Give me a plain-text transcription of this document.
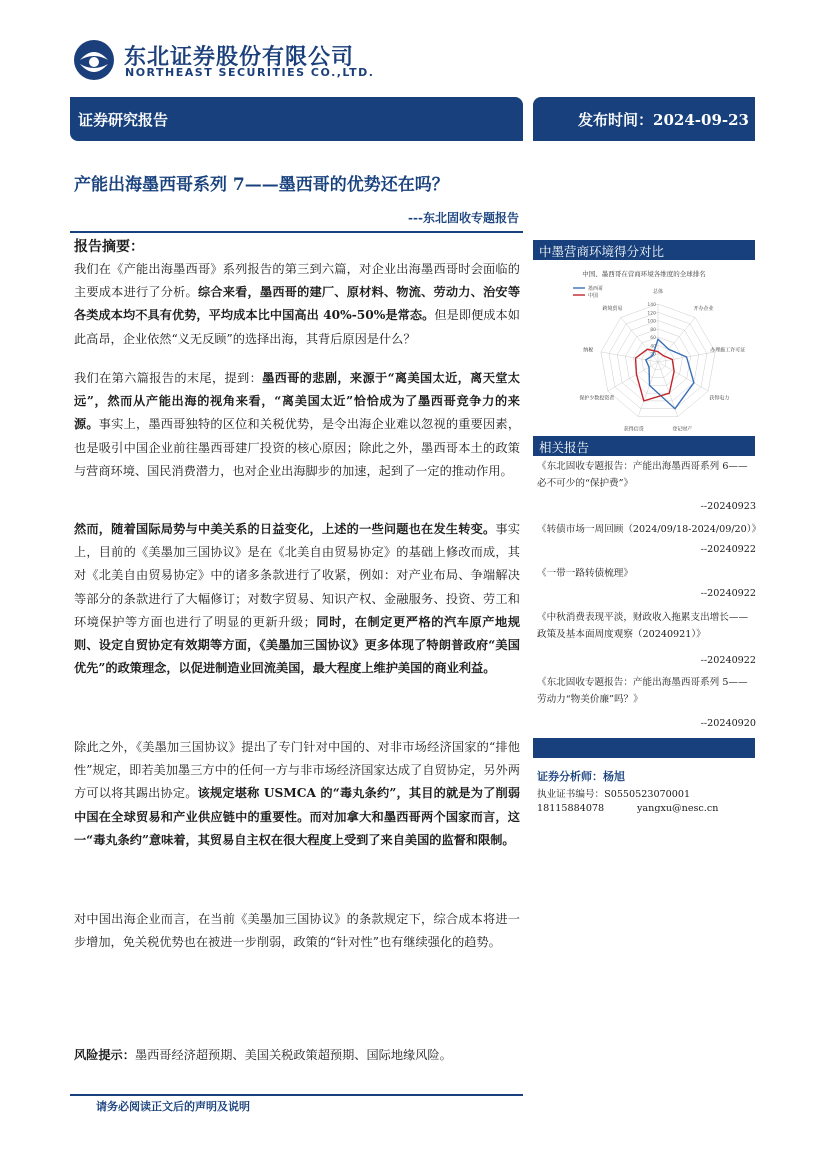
东北证券股份有限公司
NORTHEAST SECURITIES CO.,LTD.
证券研究报告	发布时间：2024-09-23
产能出海墨西哥系列 7——墨西哥的优势还在吗？
---东北固收专题报告
报告摘要：
我们在《产能出海墨西哥》系列报告的第三到六篇，对企业出海墨西哥时会面临的主要成本进行了分析。综合来看，墨西哥的建厂、原材料、物流、劳动力、治安等各类成本均不具有优势，平均成本比中国高出 40%-50%是常态。但是即便成本如此高昂，企业依然“义无反顾”的选择出海，其背后原因是什么？
我们在第六篇报告的末尾，提到：墨西哥的悲剧，来源于“离美国太近，离天堂太远”，然而从产能出海的视角来看，“离美国太近”恰恰成为了墨西哥竞争力的来源。事实上，墨西哥独特的区位和关税优势，是令出海企业难以忽视的重要因素，也是吸引中国企业前往墨西哥建厂投资的核心原因；除此之外，墨西哥本土的政策与营商环境、国民消费潜力，也对企业出海脚步的加速，起到了一定的推动作用。
然而，随着国际局势与中美关系的日益变化，上述的一些问题也在发生转变。事实上，目前的《美墨加三国协议》是在《北美自由贸易协定》的基础上修改而成，其对《北美自由贸易协定》中的诸多条款进行了收紧，例如：对产业布局、争端解决等部分的条款进行了大幅修订；对数字贸易、知识产权、金融服务、投资、劳工和环境保护等方面也进行了明显的更新升级；同时，在制定更严格的汽车原产地规则、设定自贸协定有效期等方面，《美墨加三国协议》更多体现了特朗普政府“美国优先”的政策理念，以促进制造业回流美国，最大程度上维护美国的商业利益。
除此之外，《美墨加三国协议》提出了专门针对中国的、对非市场经济国家的“排他性”规定，即若美加墨三方中的任何一方与非市场经济国家达成了自贸协定，另外两方可以将其踢出协定。该规定堪称 USMCA 的“毒丸条约”，其目的就是为了削弱中国在全球贸易和产业供应链中的重要性。而对加拿大和墨西哥两个国家而言，这一“毒丸条约”意味着，其贸易自主权在很大程度上受到了来自美国的监督和限制。
对中国出海企业而言，在当前《美墨加三国协议》的条款规定下，综合成本将进一步增加，免关税优势也在被进一步削弱，政策的“针对性”也有继续强化的趋势。
风险提示：墨西哥经济超预期、美国关税政策超预期、国际地缘风险。
请务必阅读正文后的声明及说明
中墨营商环境得分对比
中国、墨西哥在营商环境各维度的全球排名
20
40
60
80
100
120
140
总体
开办企业
办理施工许可证
获得电力
登记财产
获得信贷
保护少数投资者
纳税
跨境贸易
墨西哥
中国
相关报告
《东北固收专题报告：产能出海墨西哥系列 6——必不可少的“保护费”》
--20240923
《转债市场一周回顾（2024/09/18-2024/09/20）》
--20240922
《一带一路转债梳理》
--20240922
《中秋消费表现平淡，财政收入拖累支出增长——政策及基本面周度观察（20240921）》
--20240922
《东北固收专题报告：产能出海墨西哥系列 5——劳动力“物美价廉”吗？》
--20240920
证券分析师：杨旭
执业证书编号：S0550523070001
18115884078	yangxu@nesc.cn
